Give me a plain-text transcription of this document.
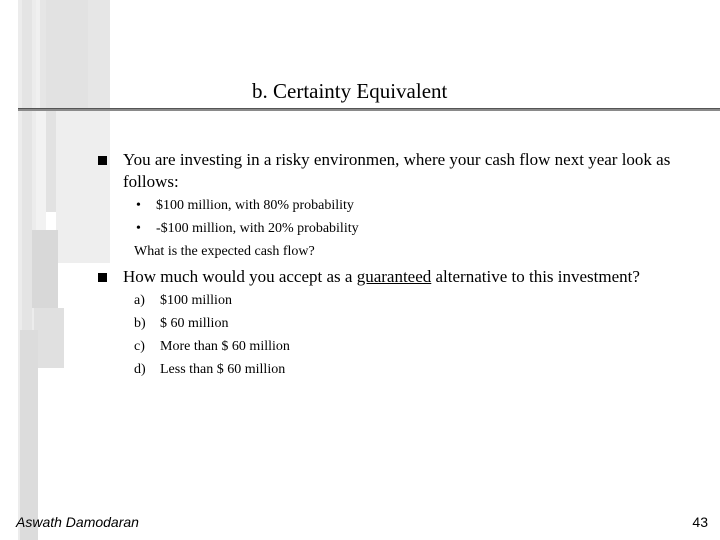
b. Certainty Equivalent
You are investing in a risky environmen, where your cash flow next year look as follows:
• $100 million, with 80% probability
• -$100 million, with 20% probability
What is the expected cash flow?
How much would you accept as a guaranteed alternative to this investment?
a) $100 million
b) $ 60 million
c) More than $ 60 million
d) Less than $ 60 million
Aswath Damodaran	43
